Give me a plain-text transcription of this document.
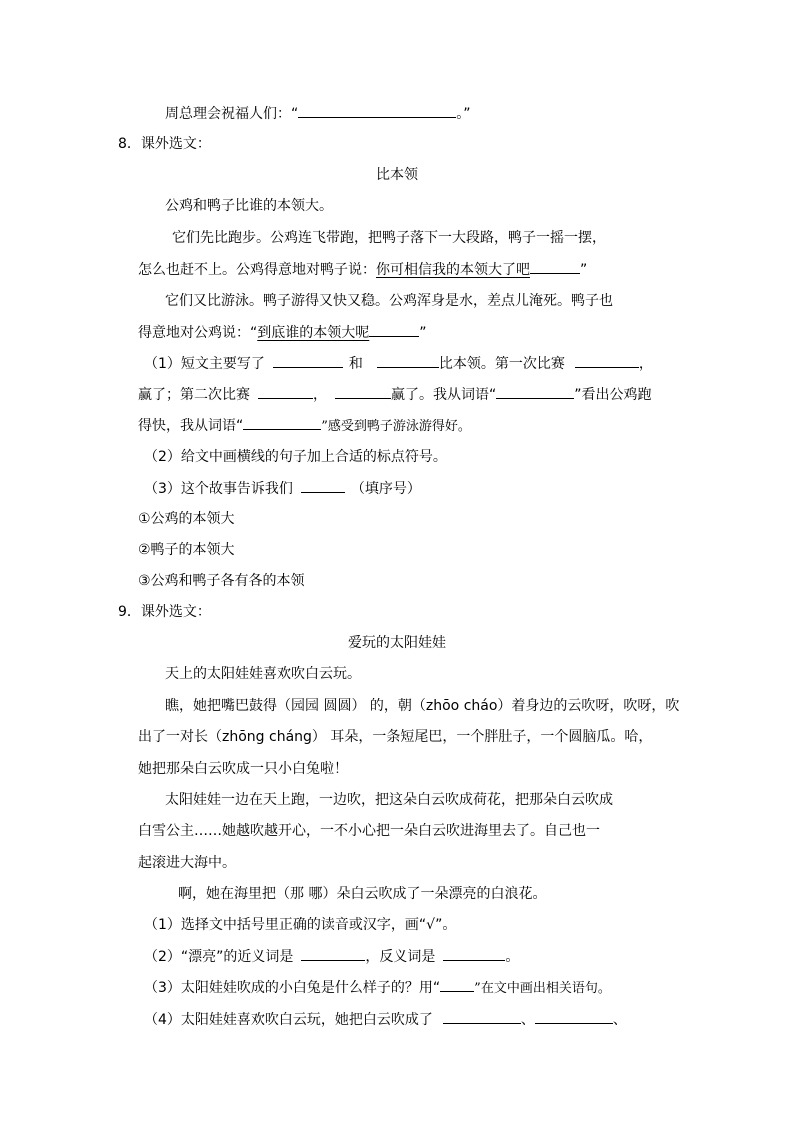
周总理会祝福人们：“	。”
8．课外选文：
比本领
公鸡和鸭子比谁的本领大。
它们先比跑步。公鸡连飞带跑，把鸭子落下一大段路，鸭子一摇一摆，
怎么也赶不上。公鸡得意地对鸭子说：你可相信我的本领大了吧	”
它们又比游泳。鸭子游得又快又稳。公鸡浑身是水，差点儿淹死。鸭子也
得意地对公鸡说：“到底谁的本领大呢	”
（1）短文主要写了	和	比本领。第一次比赛	，
赢了；第二次比赛	，	赢了。我从词语“	”看出公鸡跑
得快，我从词语“	”感受到鸭子游泳游得好。
（2）给文中画横线的句子加上合适的标点符号。
（3）这个故事告诉我们	（填序号）
①公鸡的本领大
②鸭子的本领大
③公鸡和鸭子各有各的本领
9．课外选文：
爱玩的太阳娃娃
天上的太阳娃娃喜欢吹白云玩。
瞧，她把嘴巴鼓得（园园 圆圆） 的，朝（zhōo cháo）着身边的云吹呀，吹呀，吹
出了一对长（zhōng cháng） 耳朵，一条短尾巴，一个胖肚子，一个圆脑瓜。哈，
她把那朵白云吹成一只小白兔啦！
太阳娃娃一边在天上跑，一边吹，把这朵白云吹成荷花，把那朵白云吹成
白雪公主……她越吹越开心，一不小心把一朵白云吹进海里去了。自己也一
起滚进大海中。
啊，她在海里把（那 哪）朵白云吹成了一朵漂亮的白浪花。
（1）选择文中括号里正确的读音或汉字，画“√”。
（2）“漂亮”的近义词是	，反义词是	。
（3）太阳娃娃吹成的小白兔是什么样子的？用“	”在文中画出相关语句。
（4）太阳娃娃喜欢吹白云玩，她把白云吹成了	、	、
